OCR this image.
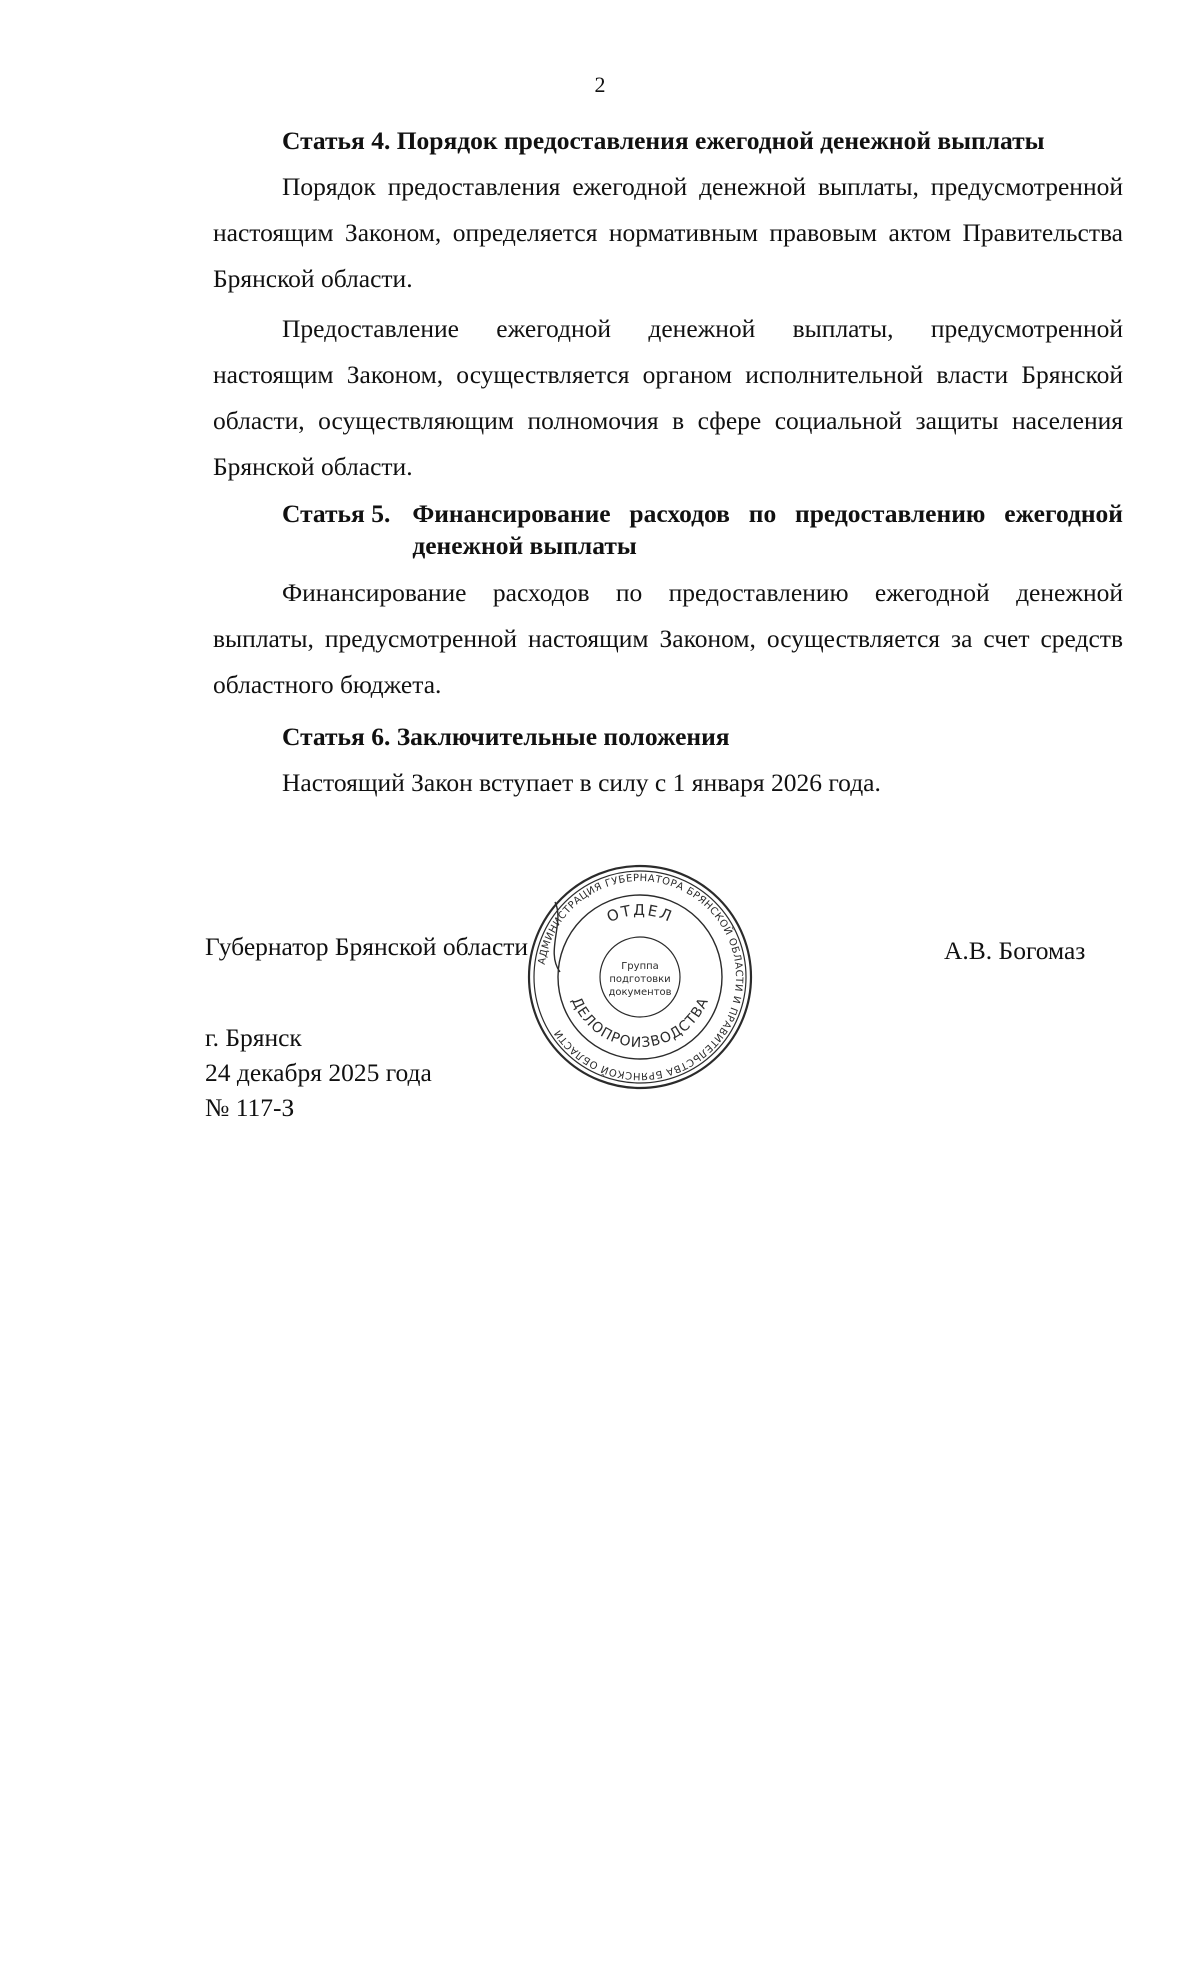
2

Статья 4. Порядок предоставления ежегодной денежной выплаты

Порядок предоставления ежегодной денежной выплаты, предусмотренной настоящим Законом, определяется нормативным правовым актом Правительства Брянской области.

Предоставление ежегодной денежной выплаты, предусмотренной настоящим Законом, осуществляется органом исполнительной власти Брянской области, осуществляющим полномочия в сфере социальной защиты населения Брянской области.

Статья 5. Финансирование расходов по предоставлению ежегодной денежной выплаты

Финансирование расходов по предоставлению ежегодной денежной выплаты, предусмотренной настоящим Законом, осуществляется за счет средств областного бюджета.

Статья 6. Заключительные положения

Настоящий Закон вступает в силу с 1 января 2026 года.

Губернатор Брянской области	А.В. Богомаз
г. Брянск
24 декабря 2025 года
№ 117-З
АДМИНИСТРАЦИЯ ГУБЕРНАТОРА БРЯНСКОЙ ОБЛАСТИ И ПРАВИТЕЛЬСТВА БРЯНСКОЙ ОБЛАСТИ
ОТДЕЛ
ДЕЛОПРОИЗВОДСТВА
Группа
подготовки
документов
